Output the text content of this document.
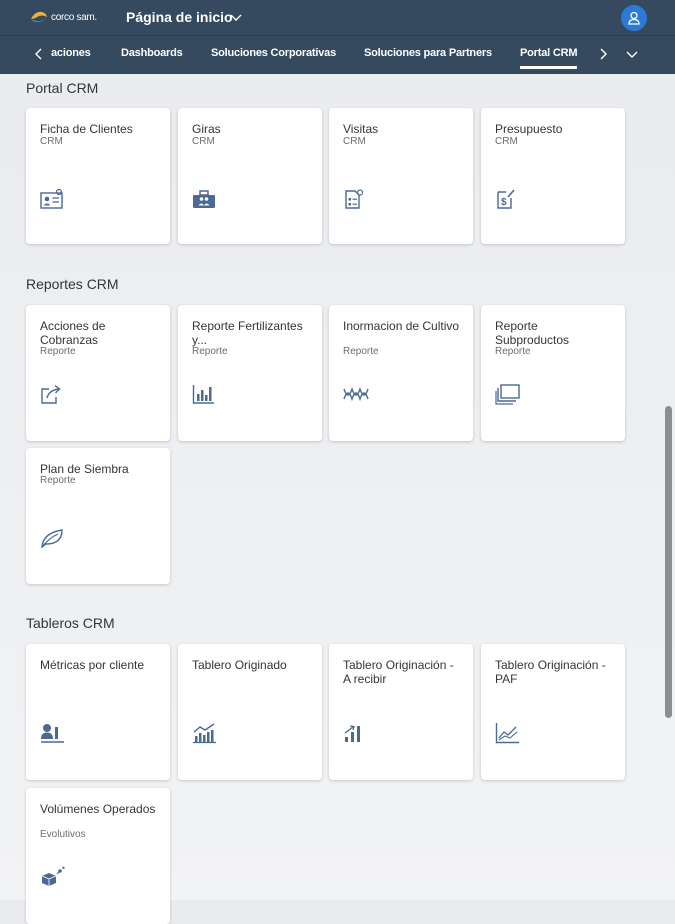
corco sam. Página de inicio
aciones	Dashboards	Soluciones Corporativas	Soluciones para Partners	Portal CRM
Portal CRM
Ficha de Clientes
CRM
Giras
CRM
Visitas
CRM
Presupuesto
CRM
$
Reportes CRM
Acciones de Cobranzas
Reporte
Reporte Fertilizantes y...
Reporte
Inormacion de Cultivo
Reporte
Reporte Subproductos
Reporte
Plan de Siembra
Reporte
Tableros CRM
Métricas por cliente	Tablero Originado	Tablero Originación - A recibir
Tablero Originación - PAF
Volúmenes Operados
Evolutivos
